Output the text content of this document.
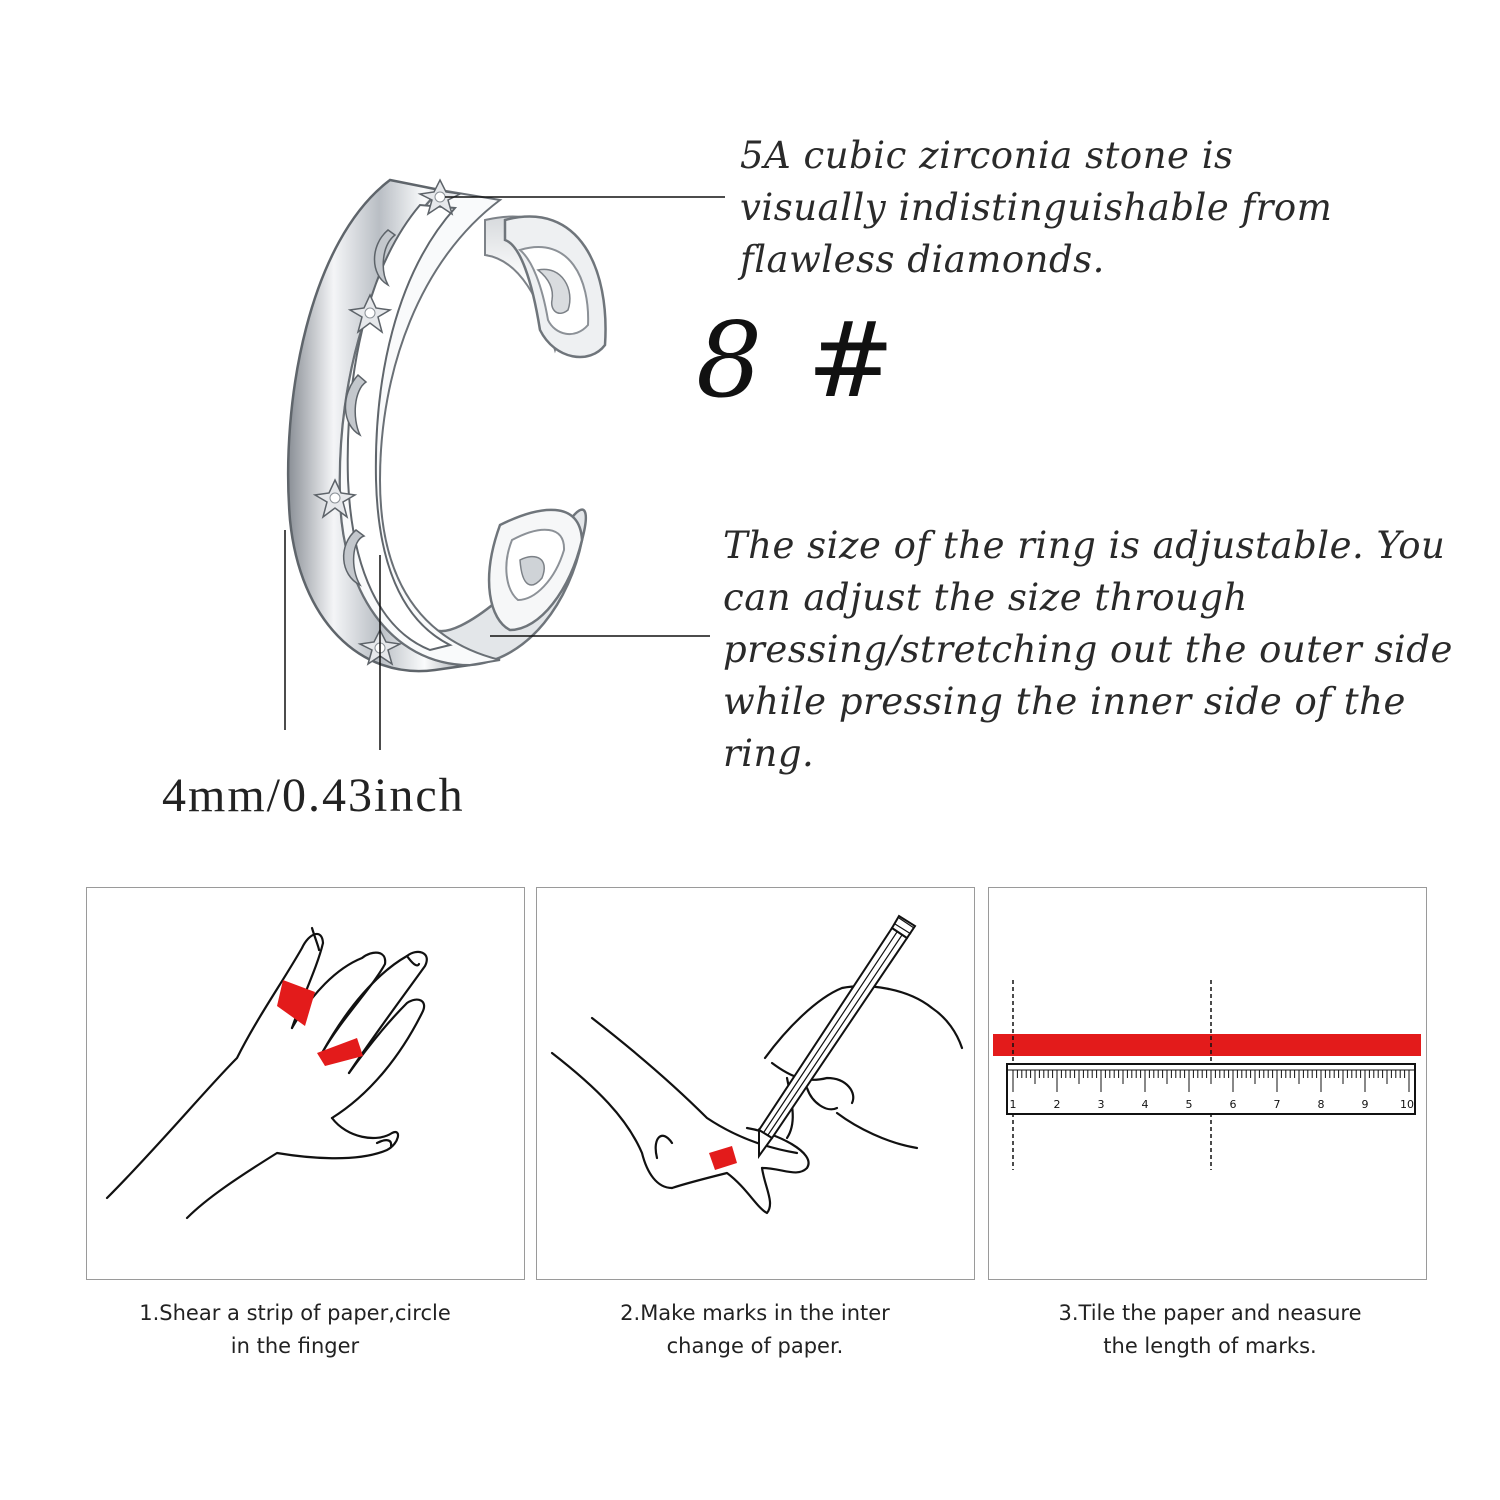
5A cubic zirconia stone is visually indistinguishable from flawless diamonds.
8 #
The size of the ring is adjustable. You can adjust the size through pressing/stretching out the outer side while pressing the inner side of the ring.
4mm/0.43inch
1	2	3	4	5	6	7	8	9	10
1.Shear a strip of paper,circle in the finger
2.Make marks in the inter change of paper.
3.Tile the paper and neasure the length of marks.
